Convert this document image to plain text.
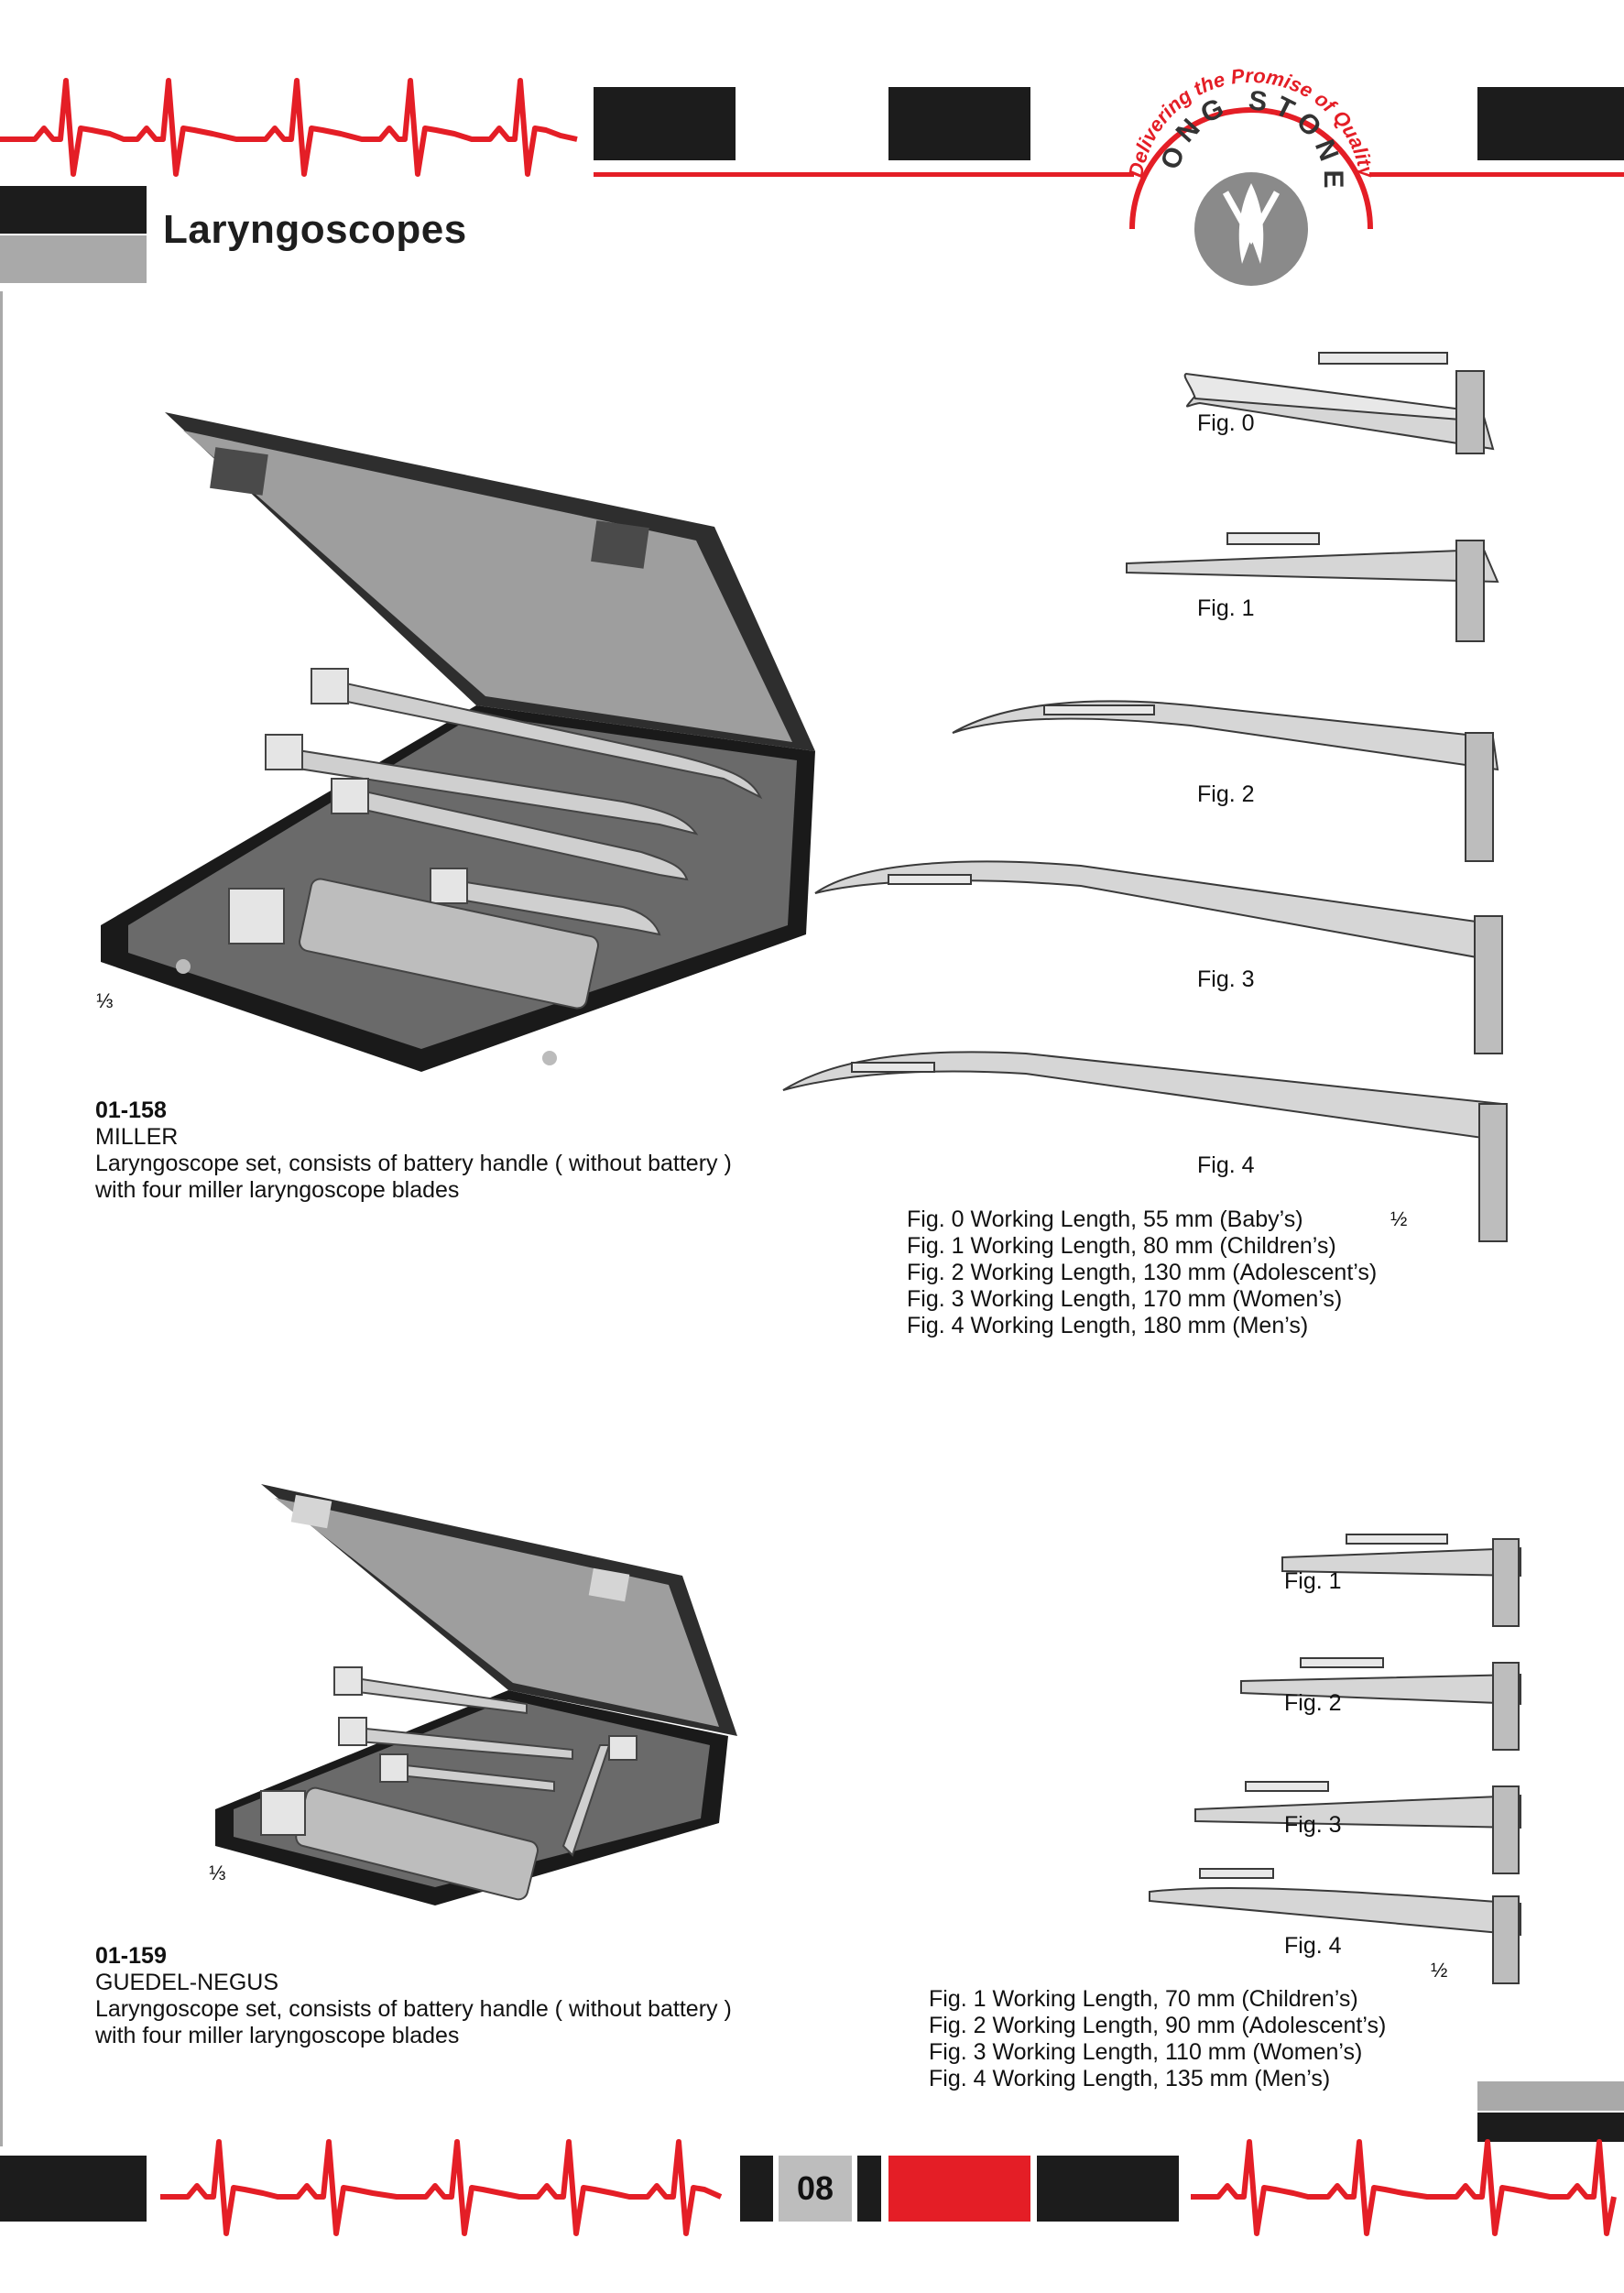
Delivering the Promise of Quality
LONG STONE
Laryngoscopes
⅓
01-158
MILLER
Laryngoscope set, consists of battery handle ( without battery )
with four miller laryngoscope blades
Fig. 0
Fig. 1
Fig. 2
Fig. 3
Fig. 4
½
Fig. 0 Working Length, 55 mm (Baby’s)
Fig. 1 Working Length, 80 mm (Children’s)
Fig. 2 Working Length, 130 mm (Adolescent’s)
Fig. 3 Working Length, 170 mm (Women’s)
Fig. 4 Working Length, 180 mm (Men’s)
⅓
01-159
GUEDEL-NEGUS
Laryngoscope set, consists of battery handle ( without battery )
with four miller laryngoscope blades
Fig. 1
Fig. 2
Fig. 3
Fig. 4
½
Fig. 1 Working Length, 70 mm (Children’s)
Fig. 2 Working Length, 90 mm (Adolescent’s)
Fig. 3 Working Length, 110 mm (Women’s)
Fig. 4 Working Length, 135 mm (Men’s)
08
